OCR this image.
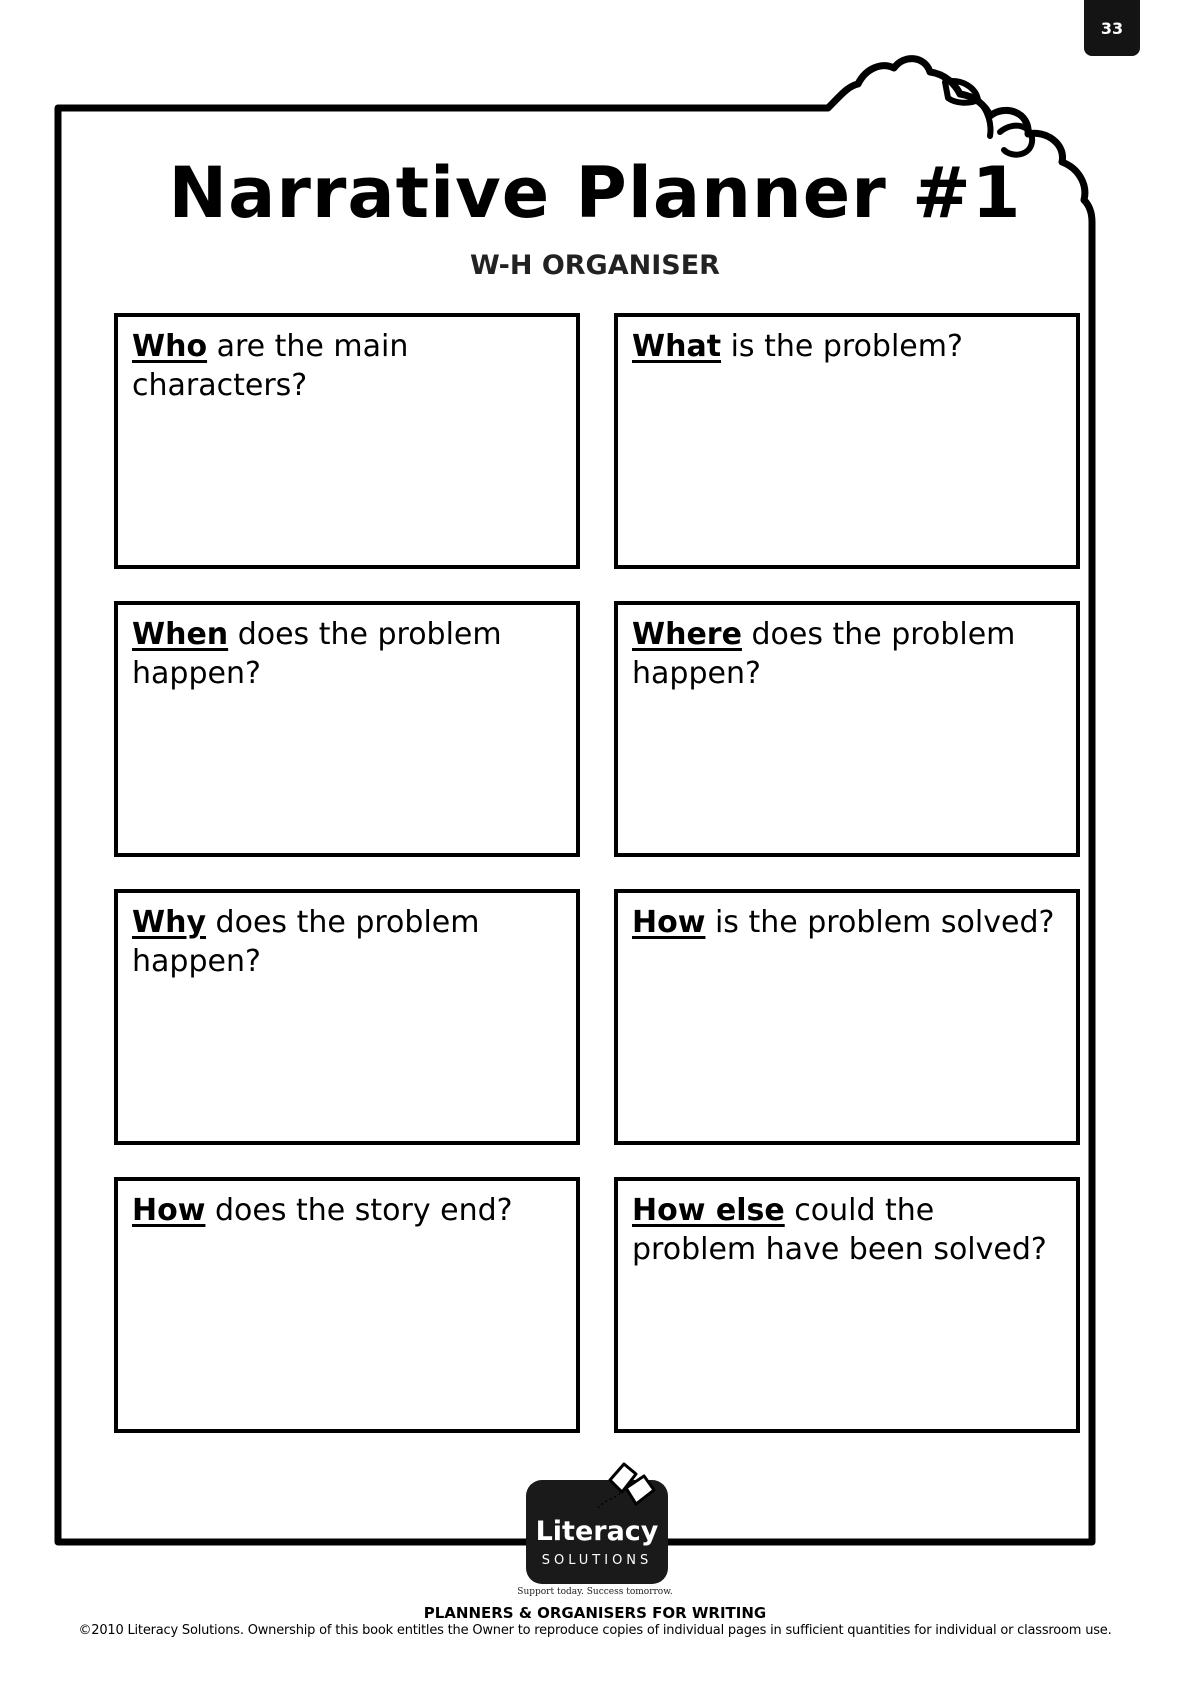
33
Narrative Planner #1
W-H ORGANISER

Who are the main characters?

What is the problem?

When does the problem happen?

Where does the problem happen?

Why does the problem happen?

How is the problem solved?

How does the story end?	How else could the problem have been solved?

Literacy
SOLUTIONS
Support today. Success tomorrow.
PLANNERS & ORGANISERS FOR WRITING
©2010 Literacy Solutions. Ownership of this book entitles the Owner to reproduce copies of individual pages in sufficient quantities for individual or classroom use.
